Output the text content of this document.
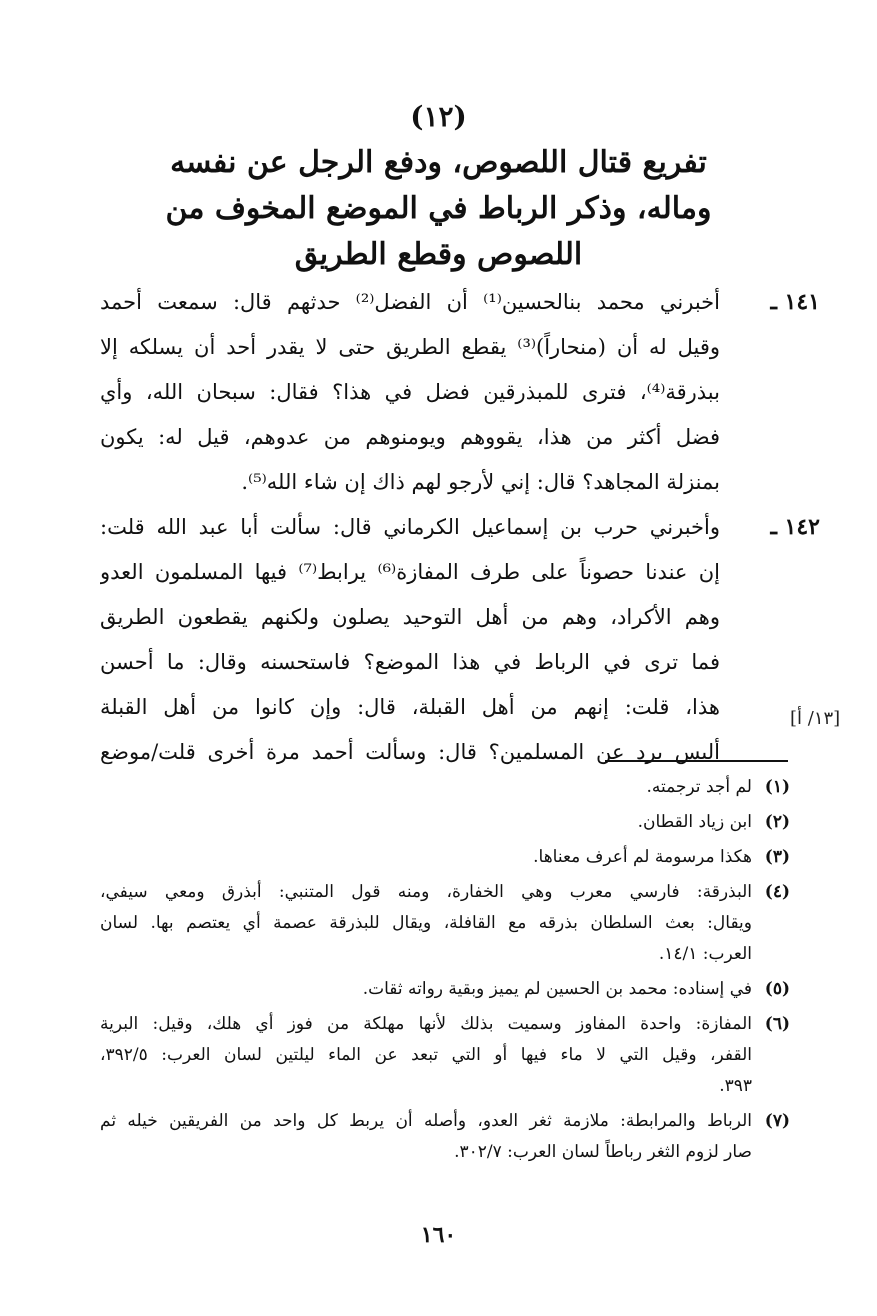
(١٢)
تفريع قتال اللصوص، ودفع الرجل عن نفسه
وماله، وذكر الرباط في الموضع المخوف من
اللصوص وقطع الطريق
١٤١ ـ
أخبرني محمد بنالحسين⁽¹⁾ أن الفضل⁽²⁾ حدثهم قال: سمعت أحمد
وقيل له أن (منحاراً)⁽³⁾ يقطع الطريق حتى لا يقدر أحد أن يسلكه إلا
ببذرقة⁽⁴⁾، فترى للمبذرقين فضل في هذا؟ فقال: سبحان الله، وأي
فضل أكثر من هذا، يقووهم ويومنوهم من عدوهم، قيل له: يكون
بمنزلة المجاهد؟ قال: إني لأرجو لهم ذاك إن شاء الله⁽⁵⁾.
١٤٢ ـ
وأخبرني حرب بن إسماعيل الكرماني قال: سألت أبا عبد الله قلت:
إن عندنا حصوناً على طرف المفازة⁽⁶⁾ يرابط⁽⁷⁾ فيها المسلمون العدو
وهم الأكراد، وهم من أهل التوحيد يصلون ولكنهم يقطعون الطريق
فما ترى في الرباط في هذا الموضع؟ فاستحسنه وقال: ما أحسن
هذا، قلت: إنهم من أهل القبلة، قال: وإن كانوا من أهل القبلة
أليس يرد عن المسلمين؟ قال: وسألت أحمد مرة أخرى قلت/موضع
[١٣/ أ]
(١)
لم أجد ترجمته.
(٢)
ابن زياد القطان.
(٣)
هكذا مرسومة لم أعرف معناها.
(٤)
البذرقة: فارسي معرب وهي الخفارة، ومنه قول المتنبي: أبذرق ومعي سيفي،
ويقال: بعث السلطان بذرقه مع القافلة، ويقال للبذرقة عصمة أي يعتصم بها. لسان
العرب: ١٤/١.
(٥)
في إسناده: محمد بن الحسين لم يميز وبقية رواته ثقات.
(٦)
المفازة: واحدة المفاوز وسميت بذلك لأنها مهلكة من فوز أي هلك، وقيل: البرية
القفر، وقيل التي لا ماء فيها أو التي تبعد عن الماء ليلتين لسان العرب: ٣٩٢/٥،
٣٩٣.
(٧)
الرباط والمرابطة: ملازمة ثغر العدو، وأصله أن يربط كل واحد من الفريقين خيله ثم
صار لزوم الثغر رباطاً لسان العرب: ٣٠٢/٧.
١٦٠
